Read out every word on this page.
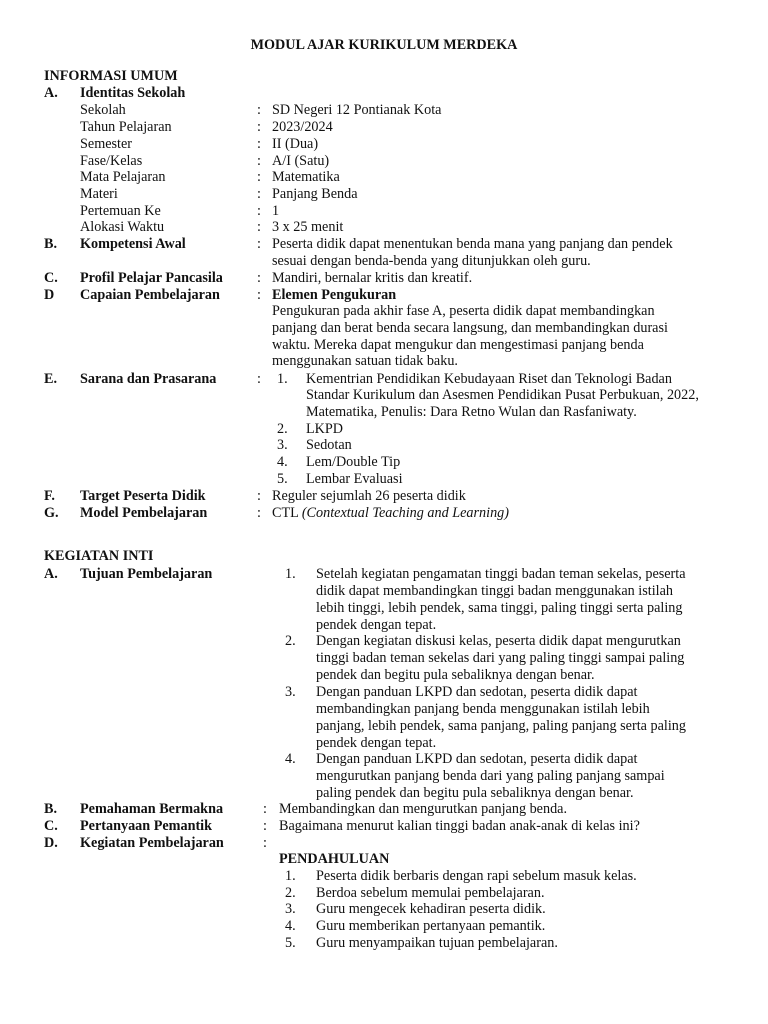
MODUL AJAR KURIKULUM MERDEKA
INFORMASI UMUM
A. Identitas Sekolah
Sekolah	: SD Negeri 12 Pontianak Kota
Tahun Pelajaran	: 2023/2024
Semester	: II (Dua)
Fase/Kelas	: A/I (Satu)
Mata Pelajaran	: Matematika
Materi	: Panjang Benda
Pertemuan Ke	: 1
Alokasi Waktu	: 3 x 25 menit
B. Kompetensi Awal	: Peserta didik dapat menentukan benda mana yang panjang dan pendek
sesuai dengan benda-benda yang ditunjukkan oleh guru.
C. Profil Pelajar Pancasila : Mandiri, bernalar kritis dan kreatif.
D Capaian Pembelajaran	: Elemen Pengukuran
Pengukuran pada akhir fase A, peserta didik dapat membandingkan
panjang dan berat benda secara langsung, dan membandingkan durasi
waktu. Mereka dapat mengukur dan mengestimasi panjang benda
menggunakan satuan tidak baku.
E. Sarana dan Prasarana	: 1. Kementrian Pendidikan Kebudayaan Riset dan Teknologi Badan
Standar Kurikulum dan Asesmen Pendidikan Pusat Perbukuan, 2022,
Matematika, Penulis: Dara Retno Wulan dan Rasfaniwaty.
2. LKPD
3. Sedotan
4. Lem/Double Tip
5. Lembar Evaluasi
F. Target Peserta Didik	: Reguler sejumlah 26 peserta didik
G. Model Pembelajaran	: CTL (Contextual Teaching and Learning)
KEGIATAN INTI
A. Tujuan Pembelajaran	1. Setelah kegiatan pengamatan tinggi badan teman sekelas, peserta
didik dapat membandingkan tinggi badan menggunakan istilah
lebih tinggi, lebih pendek, sama tinggi, paling tinggi serta paling
pendek dengan tepat.
2. Dengan kegiatan diskusi kelas, peserta didik dapat mengurutkan
tinggi badan teman sekelas dari yang paling tinggi sampai paling
pendek dan begitu pula sebaliknya dengan benar.
3. Dengan panduan LKPD dan sedotan, peserta didik dapat
membandingkan panjang benda menggunakan istilah lebih
panjang, lebih pendek, sama panjang, paling panjang serta paling
pendek dengan tepat.
4. Dengan panduan LKPD dan sedotan, peserta didik dapat
mengurutkan panjang benda dari yang paling panjang sampai
paling pendek dan begitu pula sebaliknya dengan benar.
B. Pemahaman Bermakna	: Membandingkan dan mengurutkan panjang benda.
C. Pertanyaan Pemantik	: Bagaimana menurut kalian tinggi badan anak-anak di kelas ini?
D. Kegiatan Pembelajaran	:
PENDAHULUAN
1. Peserta didik berbaris dengan rapi sebelum masuk kelas.
2. Berdoa sebelum memulai pembelajaran.
3. Guru mengecek kehadiran peserta didik.
4. Guru memberikan pertanyaan pemantik.
5. Guru menyampaikan tujuan pembelajaran.
